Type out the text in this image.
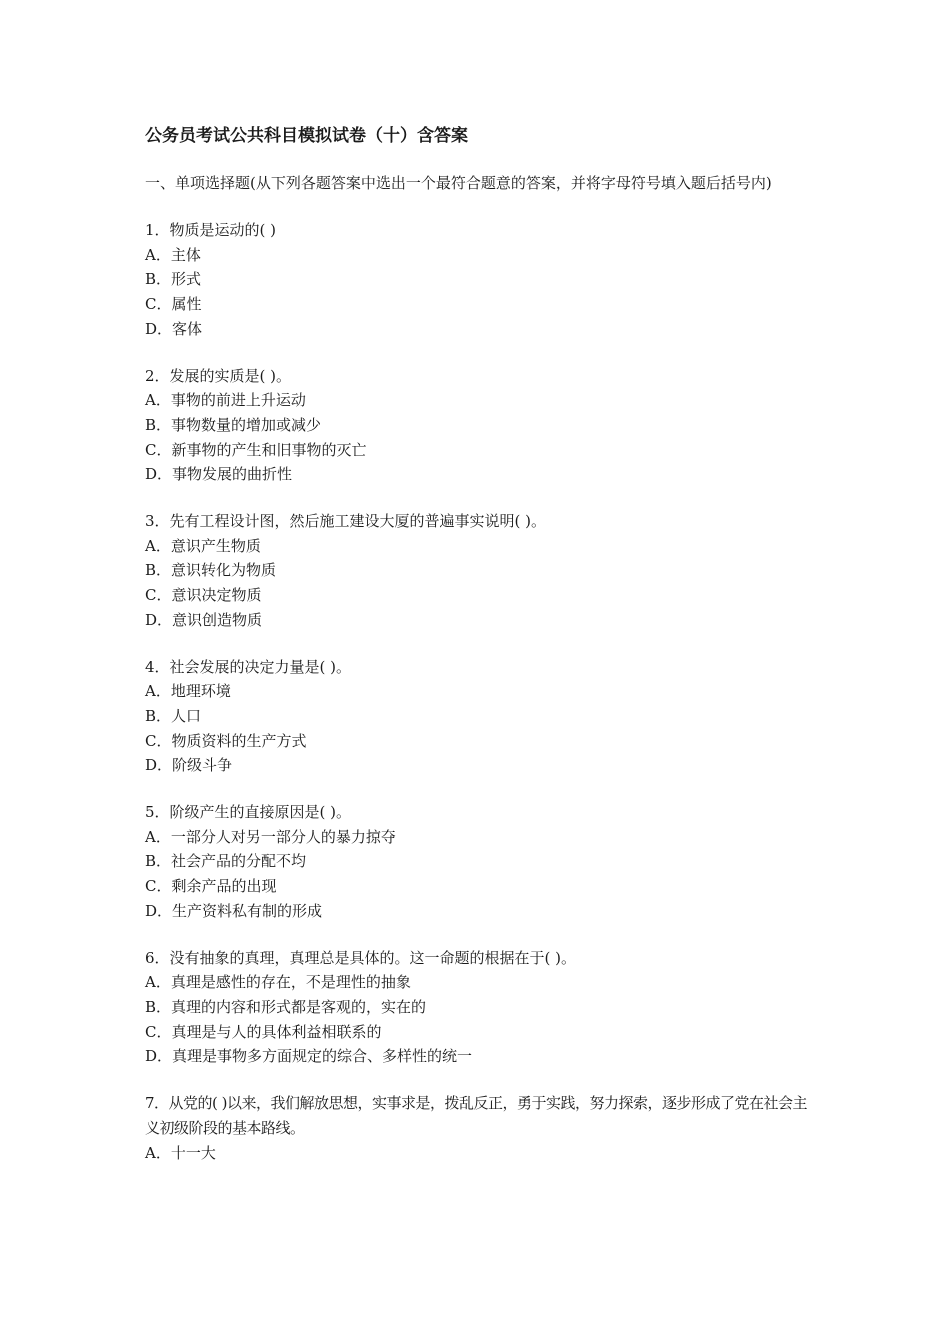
公务员考试公共科目模拟试卷（十）含答案
一、单项选择题(从下列各题答案中选出一个最符合题意的答案，并将字母符号填入题后括号内)
1．物质是运动的( )
A．主体
B．形式
C．属性
D．客体
2．发展的实质是( )。
A．事物的前进上升运动
B．事物数量的增加或减少
C．新事物的产生和旧事物的灭亡
D．事物发展的曲折性
3．先有工程设计图，然后施工建设大厦的普遍事实说明( )。
A．意识产生物质
B．意识转化为物质
C．意识决定物质
D．意识创造物质
4．社会发展的决定力量是( )。
A．地理环境
B．人口
C．物质资料的生产方式
D．阶级斗争
5．阶级产生的直接原因是( )。
A．一部分人对另一部分人的暴力掠夺
B．社会产品的分配不均
C．剩余产品的出现
D．生产资料私有制的形成
6．没有抽象的真理，真理总是具体的。这一命题的根据在于( )。
A．真理是感性的存在，不是理性的抽象
B．真理的内容和形式都是客观的，实在的
C．真理是与人的具体利益相联系的
D．真理是事物多方面规定的综合、多样性的统一
7．从党的( )以来，我们解放思想，实事求是，拨乱反正，勇于实践，努力探索，逐步形成了党在社会主义初级阶段的基本路线。
A．十一大
